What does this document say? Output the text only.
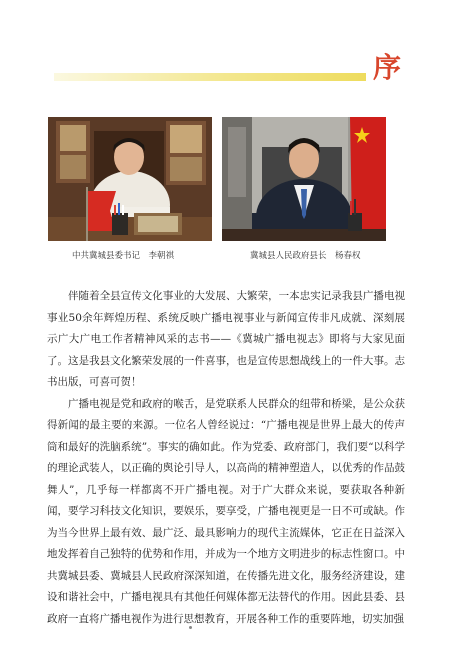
序
中共冀城县委书记　李朝祺	冀城县人民政府县长　杨春权

伴随着全县宣传文化事业的大发展、大繁荣，一本忠实记录我县广播电视事业50余年辉煌历程、系统反映广播电视事业与新闻宣传非凡成就、深刻展示广大广电工作者精神风采的志书——《冀城广播电视志》即将与大家见面了。这是我县文化繁荣发展的一件喜事，也是宣传思想战线上的一件大事。志书出版，可喜可贺！

广播电视是党和政府的喉舌，是党联系人民群众的纽带和桥梁，是公众获得新闻的最主要的来源。一位名人曾经说过：“广播电视是世界上最大的传声筒和最好的洗脑系统”。事实的确如此。作为党委、政府部门，我们要“以科学的理论武装人，以正确的舆论引导人，以高尚的精神塑造人，以优秀的作品鼓舞人”，几乎每一样都离不开广播电视。对于广大群众来说，要获取各种新闻，要学习科技文化知识，要娱乐，要享受，广播电视更是一日不可或缺。作为当今世界上最有效、最广泛、最具影响力的现代主流媒体，它正在日益深入地发挥着自己独特的优势和作用，并成为一个地方文明进步的标志性窗口。中共冀城县委、冀城县人民政府深深知道，在传播先进文化，服务经济建设，建设和谐社会中，广播电视具有其他任何媒体都无法替代的作用。因此县委、县政府一直将广播电视作为进行思想教育，开展各种工作的重要阵地，切实加强
